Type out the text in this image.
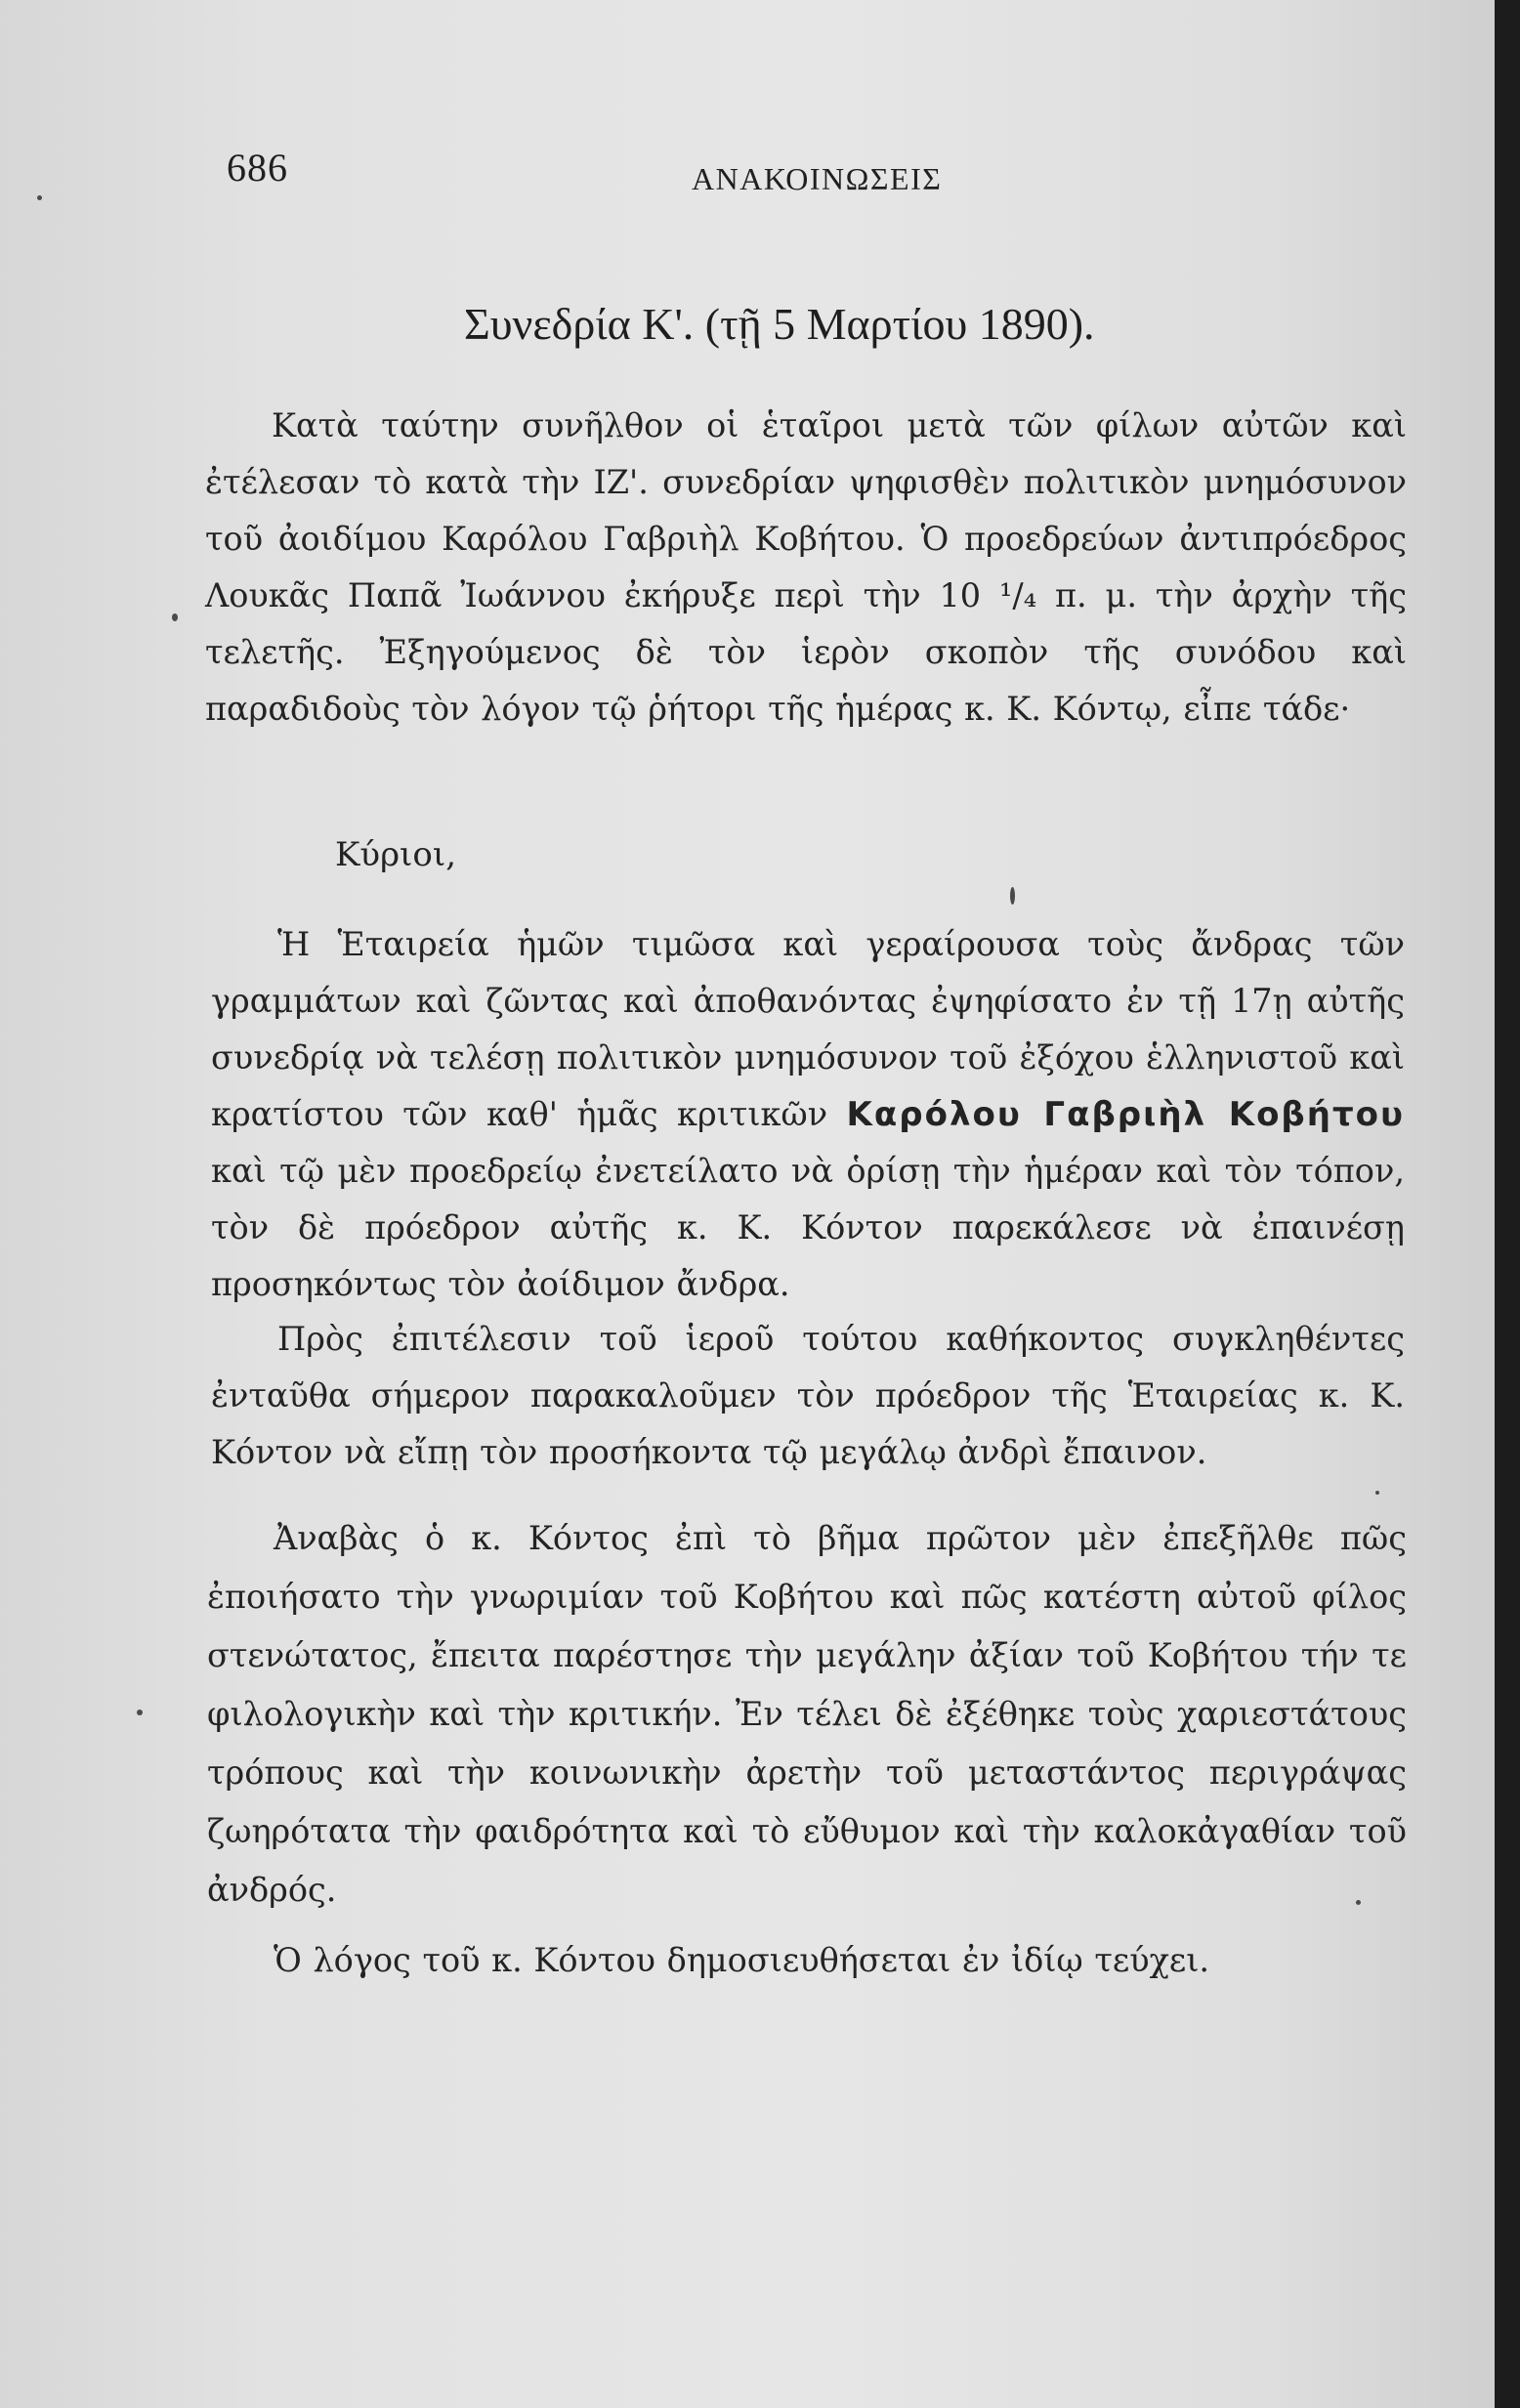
686	ΑΝΑΚΟΙΝΩΣΕΙΣ
Συνεδρία Κ'. (τῇ 5 Μαρτίου 1890).

Κατὰ ταύτην συνῆλθον οἱ ἑταῖροι μετὰ τῶν φίλων αὐτῶν καὶ ἐτέλεσαν τὸ κατὰ τὴν ΙΖ'. συνεδρίαν ψηφισθὲν πολιτικὸν μνημόσυνον τοῦ ἀοιδίμου Καρόλου Γαβριὴλ Κοβήτου. Ὁ προεδρεύων ἀντιπρόεδρος Λουκᾶς Παπᾶ Ἰωάννου ἐκήρυξε περὶ τὴν 10 ¹/₄ π. μ. τὴν ἀρχὴν τῆς τελετῆς. Ἐξηγούμενος δὲ τὸν ἱερὸν σκοπὸν τῆς συνόδου καὶ παραδιδοὺς τὸν λόγον τῷ ῥήτορι τῆς ἡμέρας κ. Κ. Κόντῳ, εἶπε τάδε·

Κύριοι,

Ἡ Ἑταιρεία ἡμῶν τιμῶσα καὶ γεραίρουσα τοὺς ἄνδρας τῶν γραμμάτων καὶ ζῶντας καὶ ἀποθανόντας ἐψηφίσατο ἐν τῇ 17ῃ αὐτῆς συνεδρίᾳ νὰ τελέσῃ πολιτικὸν μνημόσυνον τοῦ ἐξόχου ἑλληνιστοῦ καὶ κρατίστου τῶν καθ' ἡμᾶς κριτικῶν Καρόλου Γαβριὴλ Κοβήτου καὶ τῷ μὲν προεδρείῳ ἐνετείλατο νὰ ὁρίσῃ τὴν ἡμέραν καὶ τὸν τόπον, τὸν δὲ πρόεδρον αὐτῆς κ. Κ. Κόντον παρεκάλεσε νὰ ἐπαινέσῃ προσηκόντως τὸν ἀοίδιμον ἄνδρα.

Πρὸς ἐπιτέλεσιν τοῦ ἱεροῦ τούτου καθήκοντος συγκληθέντες ἐνταῦθα σήμερον παρακαλοῦμεν τὸν πρόεδρον τῆς Ἑταιρείας κ. Κ. Κόντον νὰ εἴπῃ τὸν προσήκοντα τῷ μεγάλῳ ἀνδρὶ ἔπαινον.

Ἀναβὰς ὁ κ. Κόντος ἐπὶ τὸ βῆμα πρῶτον μὲν ἐπεξῆλθε πῶς ἐποιήσατο τὴν γνωριμίαν τοῦ Κοβήτου καὶ πῶς κατέστη αὐτοῦ φίλος στενώτατος, ἔπειτα παρέστησε τὴν μεγάλην ἀξίαν τοῦ Κοβήτου τήν τε φιλολογικὴν καὶ τὴν κριτικήν. Ἐν τέλει δὲ ἐξέθηκε τοὺς χαριεστάτους τρόπους καὶ τὴν κοινωνικὴν ἀρετὴν τοῦ μεταστάντος περιγράψας ζωηρότατα τὴν φαιδρότητα καὶ τὸ εὔθυμον καὶ τὴν καλοκἀγαθίαν τοῦ ἀνδρός.

Ὁ λόγος τοῦ κ. Κόντου δημοσιευθήσεται ἐν ἰδίῳ τεύχει.
